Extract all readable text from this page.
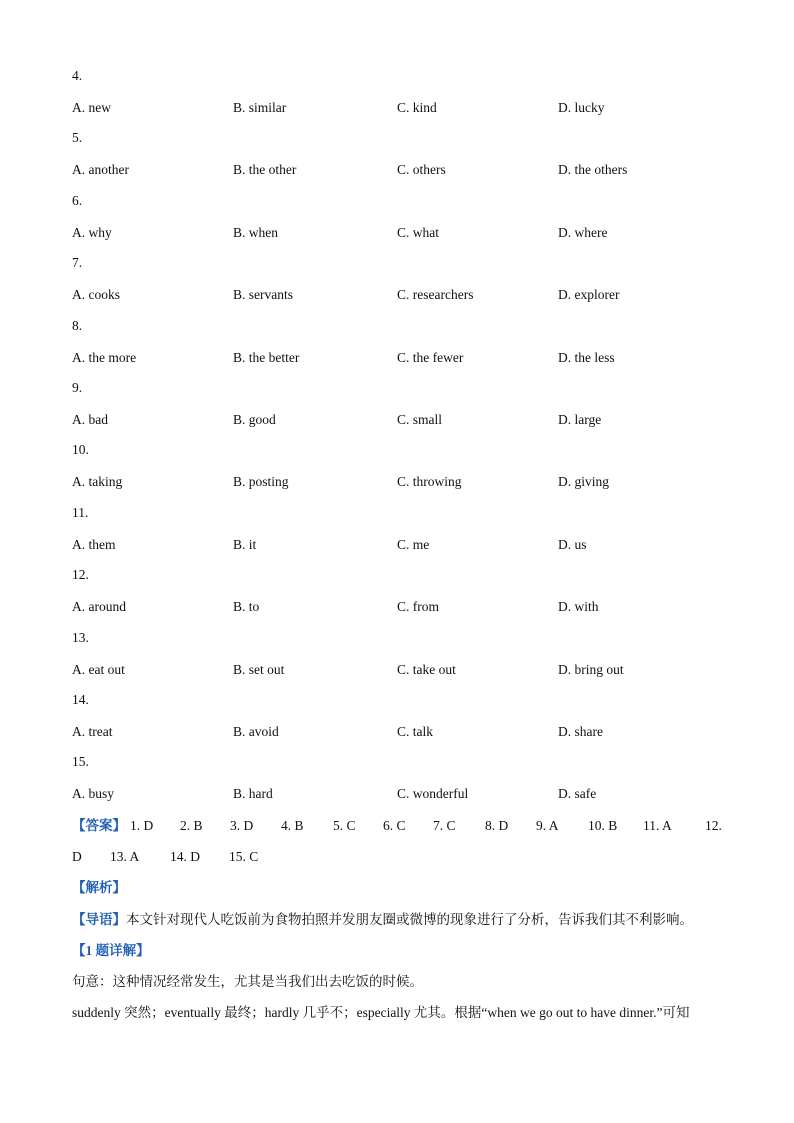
4.
A. new	B. similar	C. kind	D. lucky
5.
A. another	B. the other	C. others	D. the others
6.
A. why	B. when	C. what	D. where
7.
A. cooks	B. servants	C. researchers	D. explorer
8.
A. the more	B. the better	C. the fewer	D. the less
9.
A. bad	B. good	C. small	D. large
10.
A. taking	B. posting	C. throwing	D. giving
11.
A. them	B. it	C. me	D. us
12.
A. around	B. to	C. from	D. with
13.
A. eat out	B. set out	C. take out	D. bring out
14.
A. treat	B. avoid	C. talk	D. share
15.
A. busy	B. hard	C. wonderful	D. safe
【答案】 1. D 2. B 3. D 4. B 5. C 6. C 7. C 8. D 9. A 10. B 11. A 12.
D 13. A 14. D 15. C
【解析】
【导语】本文针对现代人吃饭前为食物拍照并发朋友圈或微博的现象进行了分析，告诉我们其不利影响。
【1 题详解】
句意：这种情况经常发生，尤其是当我们出去吃饭的时候。
suddenly 突然；eventually 最终；hardly 几乎不；especially 尤其。根据“when we go out to have dinner.”可知
